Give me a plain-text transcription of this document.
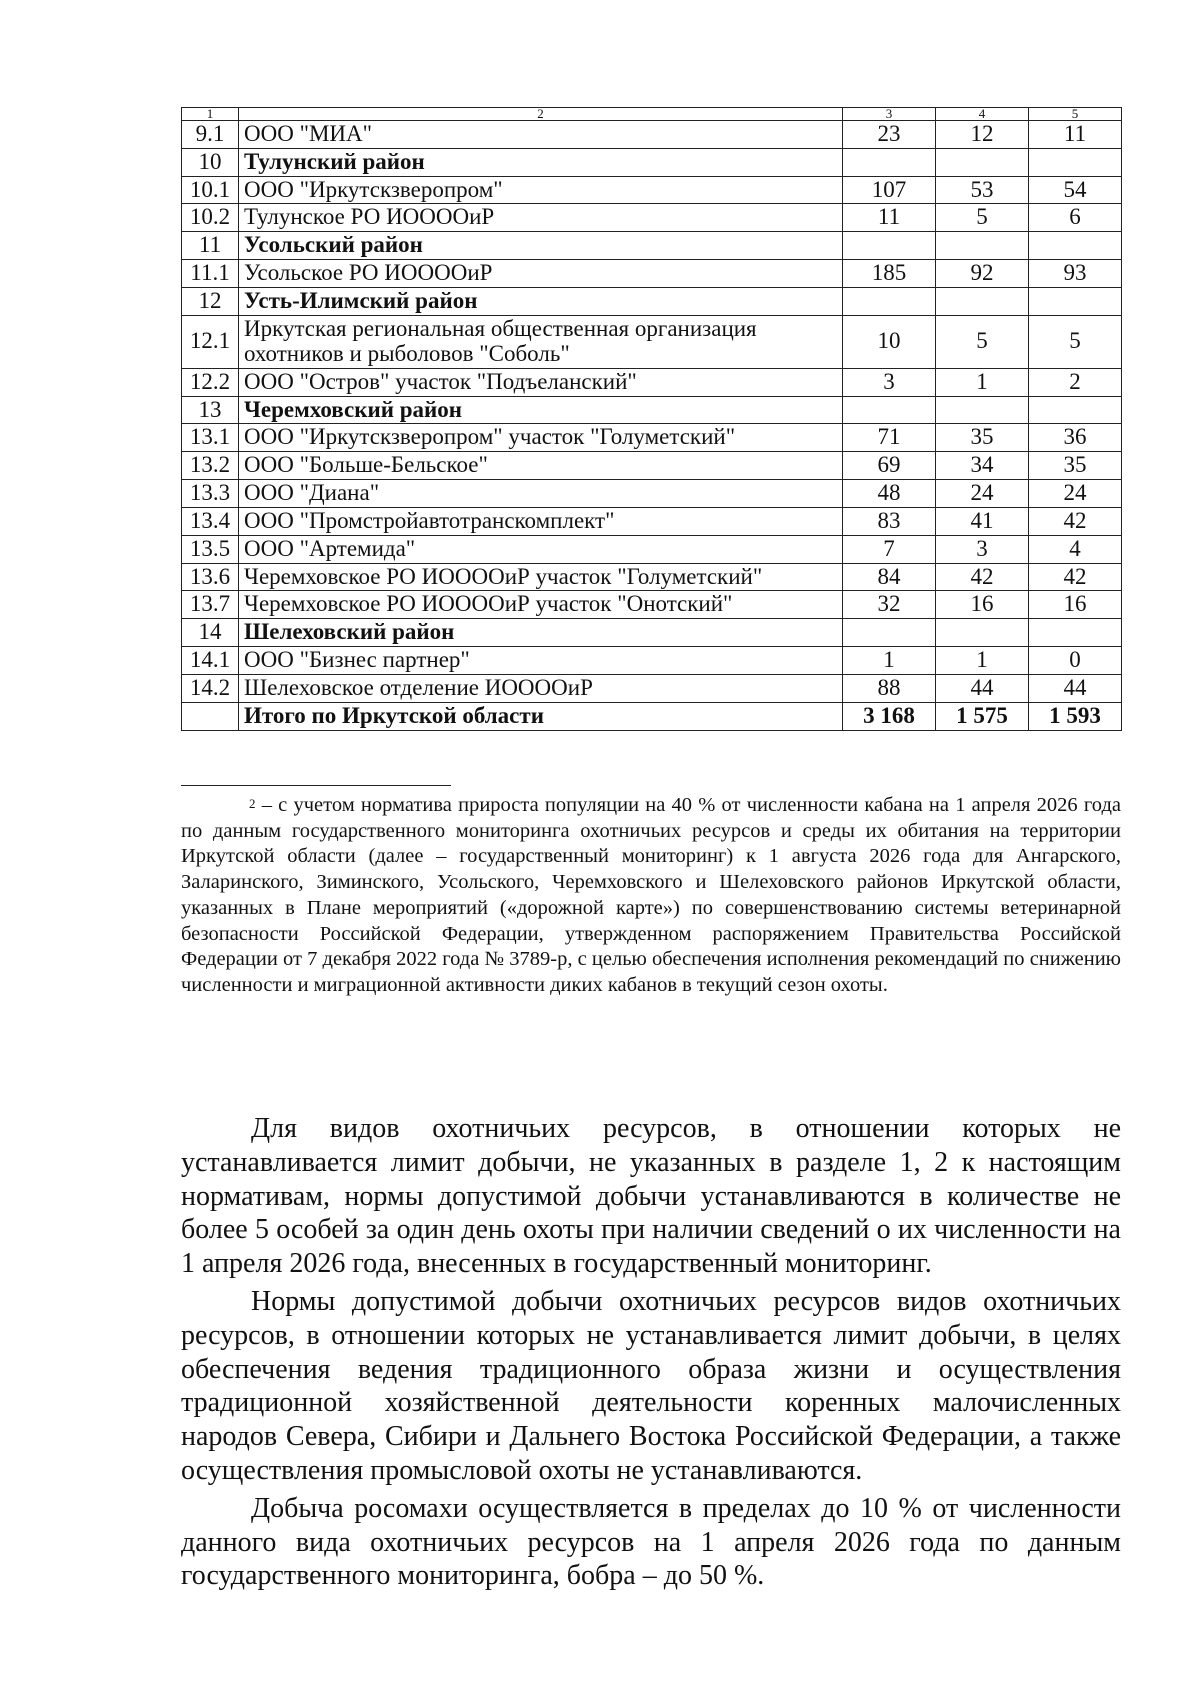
1	2	3	4	5
9.1	ООО "МИА"	23	12	11
10	Тулунский район			
10.1	ООО "Иркутскзверопром"	107	53	54
10.2	Тулунское РО ИООООиР	11	5	6
11	Усольский район			
11.1	Усольское РО ИООООиР	185	92	93
12	Усть-Илимский район			
12.1	Иркутская региональная общественная организация охотников и рыболовов "Соболь"	10	5	5
12.2	ООО "Остров" участок "Подъеланский"	3	1	2
13	Черемховский район			
13.1	ООО "Иркутскзверопром" участок "Голуметский"	71	35	36
13.2	ООО "Больше-Бельское"	69	34	35
13.3	ООО "Диана"	48	24	24
13.4	ООО "Промстройавтотранскомплект"	83	41	42
13.5	ООО "Артемида"	7	3	4
13.6	Черемховское РО ИООООиР участок "Голуметский"	84	42	42
13.7	Черемховское РО ИООООиР участок "Онотский"	32	16	16
14	Шелеховский район			
14.1	ООО "Бизнес партнер"	1	1	0
14.2	Шелеховское отделение ИООООиР	88	44	44
	Итого по Иркутской области	3 168	1 575	1 593
$^2$ – с учетом норматива прироста популяции на 40 % от численности кабана на 1 апреля 2026 года по данным государственного мониторинга охотничьих ресурсов и среды их обитания на территории Иркутской области (далее – государственный мониторинг) к 1 августа 2026 года для Ангарского, Заларинского, Зиминского, Усольского, Черемховского и Шелеховского районов Иркутской области, указанных в Плане мероприятий («дорожной карте») по совершенствованию системы ветеринарной безопасности Российской Федерации, утвержденном распоряжением Правительства Российской Федерации от 7 декабря 2022 года № 3789-р, с целью обеспечения исполнения рекомендаций по снижению численности и миграционной активности диких кабанов в текущий сезон охоты.

Для видов охотничьих ресурсов, в отношении которых не устанавливается лимит добычи, не указанных в разделе 1, 2 к настоящим нормативам, нормы допустимой добычи устанавливаются в количестве не более 5 особей за один день охоты при наличии сведений о их численности на 1 апреля 2026 года, внесенных в государственный мониторинг.

Нормы допустимой добычи охотничьих ресурсов видов охотничьих ресурсов, в отношении которых не устанавливается лимит добычи, в целях обеспечения ведения традиционного образа жизни и осуществления традиционной хозяйственной деятельности коренных малочисленных народов Севера, Сибири и Дальнего Востока Российской Федерации, а также осуществления промысловой охоты не устанавливаются.

Добыча росомахи осуществляется в пределах до 10 % от численности данного вида охотничьих ресурсов на 1 апреля 2026 года по данным государственного мониторинга, бобра – до 50 %.
